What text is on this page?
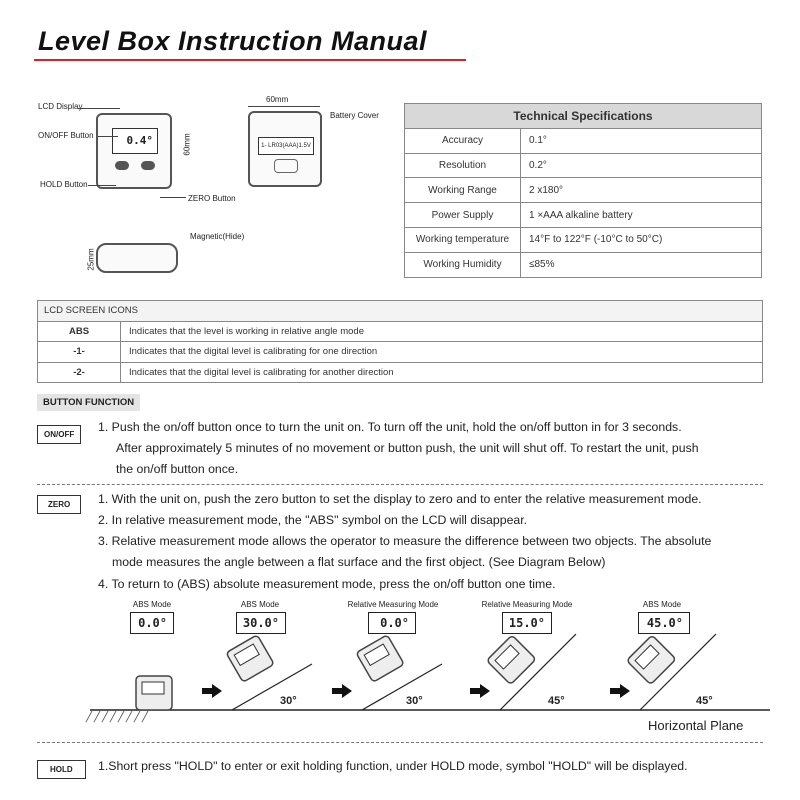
Level Box Instruction Manual
LCD Display
ON/OFF Button
HOLD Button
ZERO Button
0.4°	60mm
60mm
1- LR03(AAA)1.5V
Battery Cover
25mm
Magnetic(Hide)
Technical Specifications	
Accuracy	0.1°
Resolution	0.2°
Working Range	2 x180°
Power Supply	1 ×AAA alkaline battery
Working temperature	14°F to 122°F (-10°C to 50°C)
Working Humidity	≤85%
LCD SCREEN ICONS	
ABS	Indicates that the level is working in relative angle mode
-1-	Indicates that the digital level is calibrating for one direction
-2-	Indicates that the digital level is calibrating for another direction
BUTTON FUNCTION
ON/OFF
1. Push the on/off button once to turn the unit on. To turn off the unit, hold the on/off button in for 3 seconds.
After approximately 5 minutes of no movement or button push, the unit will shut off. To restart the unit, push
the on/off button once.
ZERO	1. With the unit on, push the zero button to set the display to zero and to enter the relative measurement mode.
2. In relative measurement mode, the "ABS" symbol on the LCD will disappear.
3. Relative measurement mode allows the operator to measure the difference between two objects. The absolute
mode measures the angle between a flat surface and the first object. (See Diagram Below)
4. To return to (ABS) absolute measurement mode, press the on/off button one time.
ABS Mode
0.0°
ABS Mode
30.0°
Relative Measuring Mode
0.0°
Relative Measuring Mode
15.0°
ABS Mode
45.0°
30°	30°	45°	45°
Horizontal Plane
HOLD	1.Short press "HOLD" to enter or exit holding function, under HOLD mode, symbol "HOLD" will be displayed.
